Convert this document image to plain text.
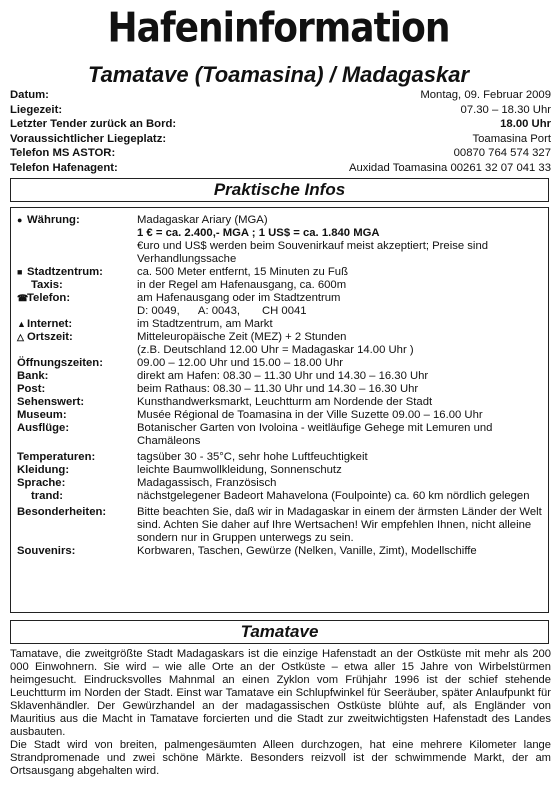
Hafeninformation
Tamatave (Toamasina) / Madagaskar
Datum:	Montag, 09. Februar 2009
Liegezeit:	07.30 – 18.30 Uhr
Letzter Tender zurück an Bord:	18.00 Uhr
Voraussichtlicher Liegeplatz:	Toamasina Port
Telefon MS ASTOR:	00870 764 574 327
Telefon Hafenagent:	Auxidad Toamasina 00261 32 07 041 33
Praktische Infos
● Währung:	Madagaskar Ariary (MGA)
1 € = ca. 2.400,- MGA ; 1 US$ = ca. 1.840 MGA
€uro und US$ werden beim Souvenirkauf meist akzeptiert; Preise sind Verhandlungssache
■ Stadtzentrum:	ca. 500 Meter entfernt, 15 Minuten zu Fuß
Taxis:	in der Regel am Hafenausgang, ca. 600m
☎Telefon:	am Hafenausgang oder im Stadtzentrum
D: 0049,      A: 0043,       CH 0041
▲Internet:	im Stadtzentrum, am Markt
△ Ortszeit:	Mitteleuropäische Zeit (MEZ) + 2 Stunden
(z.B. Deutschland 12.00 Uhr = Madagaskar 14.00 Uhr )
Öffnungszeiten:	09.00 – 12.00 Uhr und 15.00 – 18.00 Uhr
Bank:	direkt am Hafen: 08.30 – 11.30 Uhr und 14.30 – 16.30 Uhr
Post:	beim Rathaus: 08.30 – 11.30 Uhr und 14.30 – 16.30 Uhr
Sehenswert:	Kunsthandwerksmarkt, Leuchtturm am Nordende der Stadt
Museum:	Musée Régional de Toamasina in der Ville Suzette 09.00 – 16.00 Uhr
Ausflüge:	Botanischer Garten von Ivoloina - weitläufige Gehege mit Lemuren und Chamäleons
Temperaturen:	tagsüber 30 - 35°C, sehr hohe Luftfeuchtigkeit
Kleidung:	leichte Baumwollkleidung, Sonnenschutz
Sprache:	Madagassisch, Französisch
trand:	nächstgelegener Badeort Mahavelona (Foulpointe) ca. 60 km nördlich gelegen
Besonderheiten:	Bitte beachten Sie, daß wir in Madagaskar in einem der ärmsten Länder der Welt sind. Achten Sie daher auf Ihre Wertsachen! Wir empfehlen Ihnen, nicht alleine sondern nur in Gruppen unterwegs zu sein.
Souvenirs:	Korbwaren, Taschen, Gewürze (Nelken, Vanille, Zimt), Modellschiffe
Tamatave

Tamatave, die zweitgrößte Stadt Madagaskars ist die einzige Hafenstadt an der Ostküste mit mehr als 200 000 Einwohnern. Sie wird – wie alle Orte an der Ostküste – etwa aller 15 Jahre von Wirbelstürmen heimgesucht. Eindrucksvolles Mahnmal an einen Zyklon vom Frühjahr 1996 ist der schief stehende Leuchtturm im Norden der Stadt. Einst war Tamatave ein Schlupfwinkel für Seeräuber, später Anlaufpunkt für Sklavenhändler. Der Gewürzhandel an der madagassischen Ostküste blühte auf, als Engländer von Mauritius aus die Macht in Tamatave forcierten und die Stadt zur zweitwichtigsten Hafenstadt des Landes ausbauten.

Die Stadt wird von breiten, palmengesäumten Alleen durchzogen, hat eine mehrere Kilometer lange Strandpromenade und zwei schöne Märkte. Besonders reizvoll ist der schwimmende Markt, der am Ortsausgang abgehalten wird.
